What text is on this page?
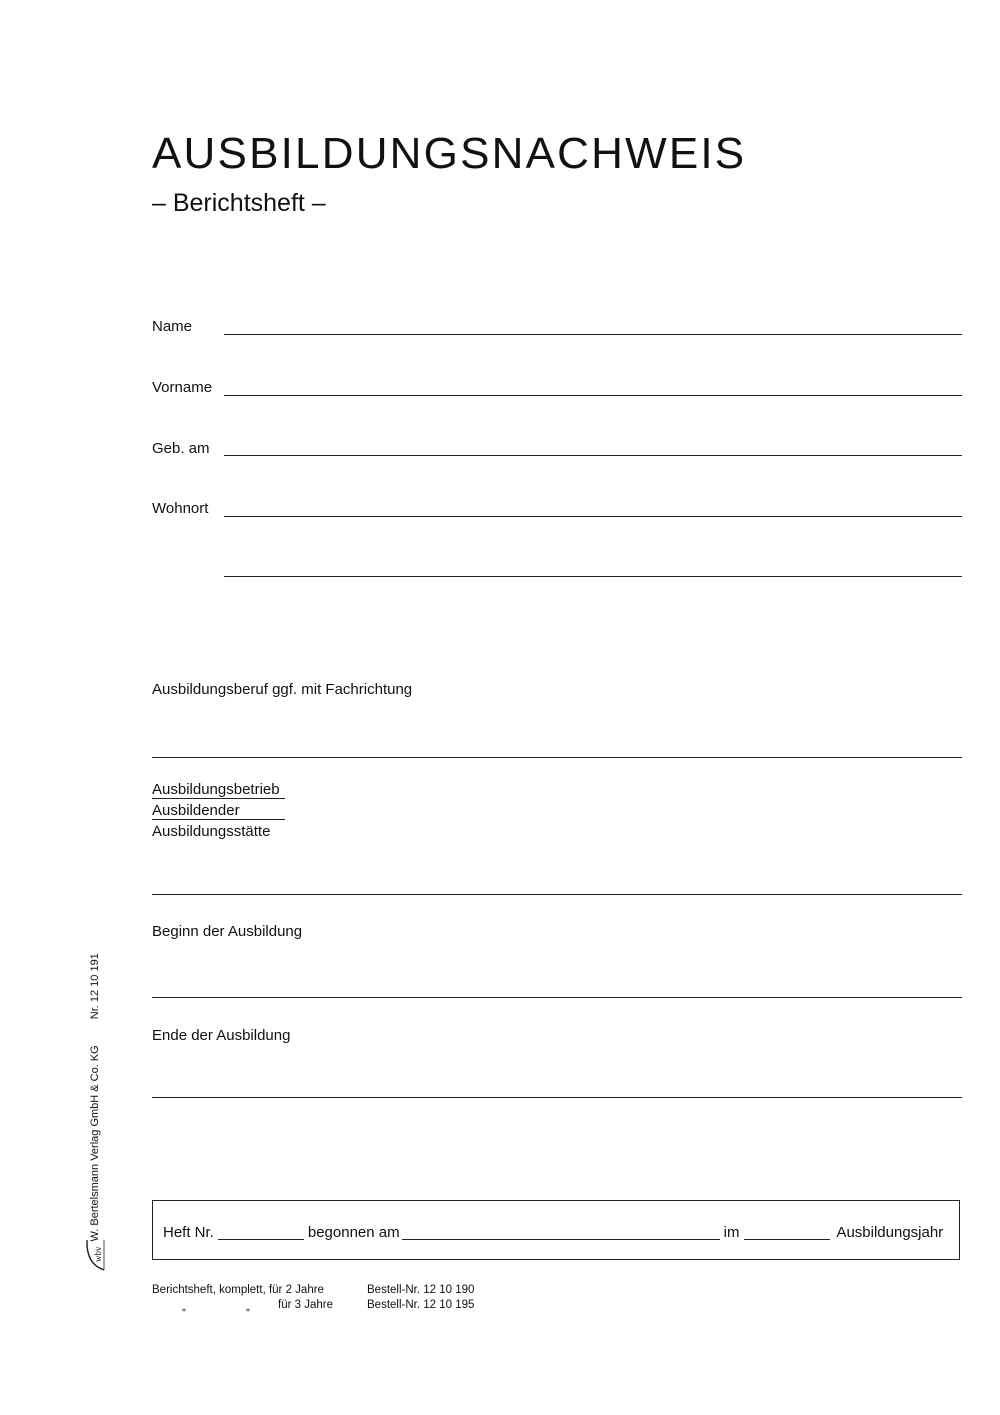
AUSBILDUNGSNACHWEIS
– Berichtsheft –
Name
Vorname
Geb. am
Wohnort
Ausbildungsberuf ggf. mit Fachrichtung
Ausbildungsbetrieb
Ausbildender
Ausbildungsstätte
Beginn der Ausbildung
Ende der Ausbildung
Heft Nr.	begonnen am	im	Ausbildungsjahr
Berichtsheft, komplett, für 2 Jahre	Bestell-Nr. 12 10 190
„	„ für 3 Jahre	Bestell-Nr. 12 10 195
wbv
W. Bertelsmann Verlag GmbH & Co. KG
Nr. 12 10 191
